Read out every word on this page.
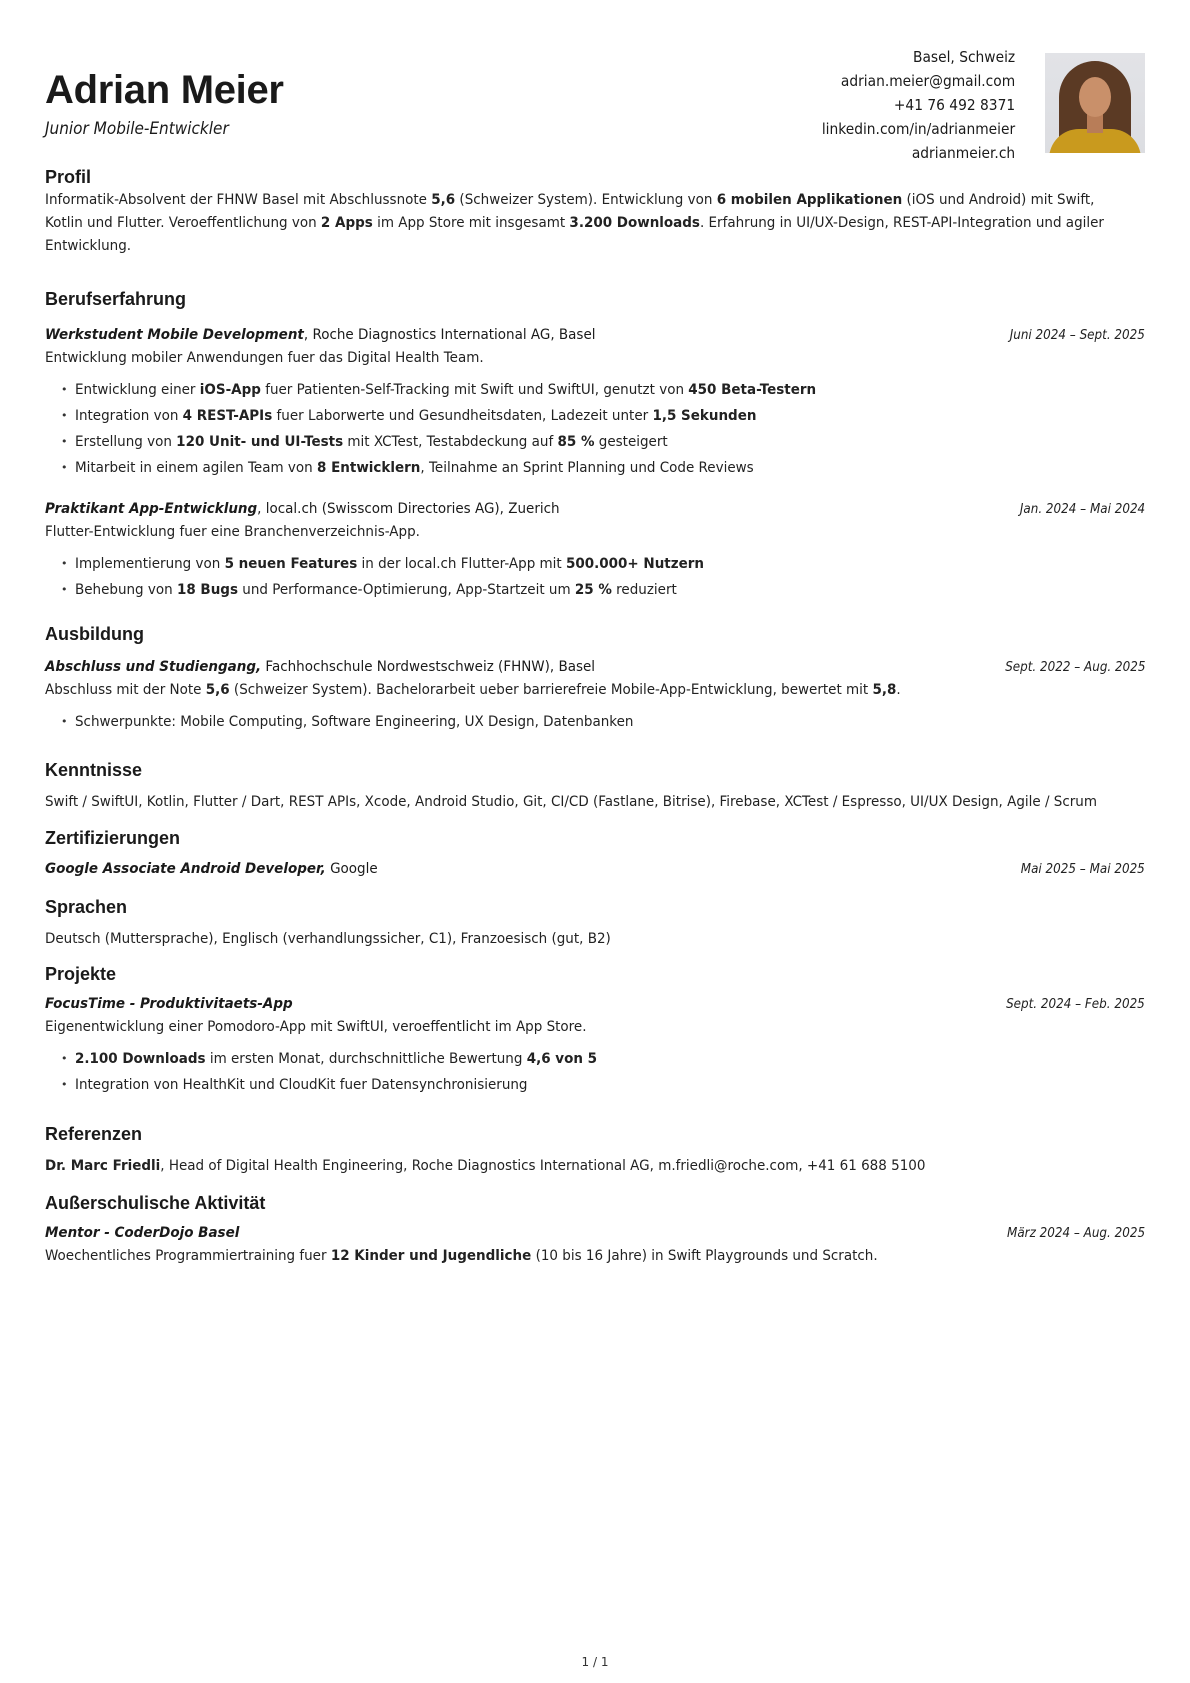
Adrian Meier
Junior Mobile-Entwickler
Basel, Schweiz
adrian.meier@gmail.com
+41 76 492 8371
linkedin.com/in/adrianmeier
adrianmeier.ch
Profil
Informatik-Absolvent der FHNW Basel mit Abschlussnote 5,6 (Schweizer System). Entwicklung von 6 mobilen Applikationen (iOS und Android) mit Swift,
Kotlin und Flutter. Veroeffentlichung von 2 Apps im App Store mit insgesamt 3.200 Downloads. Erfahrung in UI/UX-Design, REST-API-Integration und agiler
Entwicklung.
Berufserfahrung
Werkstudent Mobile Development, Roche Diagnostics International AG, Basel	Juni 2024 – Sept. 2025
Entwicklung mobiler Anwendungen fuer das Digital Health Team.
• Entwicklung einer iOS-App fuer Patienten-Self-Tracking mit Swift und SwiftUI, genutzt von 450 Beta-Testern
• Integration von 4 REST-APIs fuer Laborwerte und Gesundheitsdaten, Ladezeit unter 1,5 Sekunden
• Erstellung von 120 Unit- und UI-Tests mit XCTest, Testabdeckung auf 85 % gesteigert
• Mitarbeit in einem agilen Team von 8 Entwicklern, Teilnahme an Sprint Planning und Code Reviews
Praktikant App-Entwicklung, local.ch (Swisscom Directories AG), Zuerich	Jan. 2024 – Mai 2024
Flutter-Entwicklung fuer eine Branchenverzeichnis-App.
• Implementierung von 5 neuen Features in der local.ch Flutter-App mit 500.000+ Nutzern
• Behebung von 18 Bugs und Performance-Optimierung, App-Startzeit um 25 % reduziert
Ausbildung
Abschluss und Studiengang, Fachhochschule Nordwestschweiz (FHNW), Basel	Sept. 2022 – Aug. 2025
Abschluss mit der Note 5,6 (Schweizer System). Bachelorarbeit ueber barrierefreie Mobile-App-Entwicklung, bewertet mit 5,8.
• Schwerpunkte: Mobile Computing, Software Engineering, UX Design, Datenbanken
Kenntnisse
Swift / SwiftUI, Kotlin, Flutter / Dart, REST APIs, Xcode, Android Studio, Git, CI/CD (Fastlane, Bitrise), Firebase, XCTest / Espresso, UI/UX Design, Agile / Scrum
Zertifizierungen
Google Associate Android Developer, Google	Mai 2025 – Mai 2025
Sprachen
Deutsch (Muttersprache), Englisch (verhandlungssicher, C1), Franzoesisch (gut, B2)
Projekte
FocusTime - Produktivitaets-App	Sept. 2024 – Feb. 2025
Eigenentwicklung einer Pomodoro-App mit SwiftUI, veroeffentlicht im App Store.
• 2.100 Downloads im ersten Monat, durchschnittliche Bewertung 4,6 von 5
• Integration von HealthKit und CloudKit fuer Datensynchronisierung
Referenzen
Dr. Marc Friedli, Head of Digital Health Engineering, Roche Diagnostics International AG, m.friedli@roche.com, +41 61 688 5100
Außerschulische Aktivität
Mentor - CoderDojo Basel	März 2024 – Aug. 2025
Woechentliches Programmiertraining fuer 12 Kinder und Jugendliche (10 bis 16 Jahre) in Swift Playgrounds und Scratch.
1 / 1
